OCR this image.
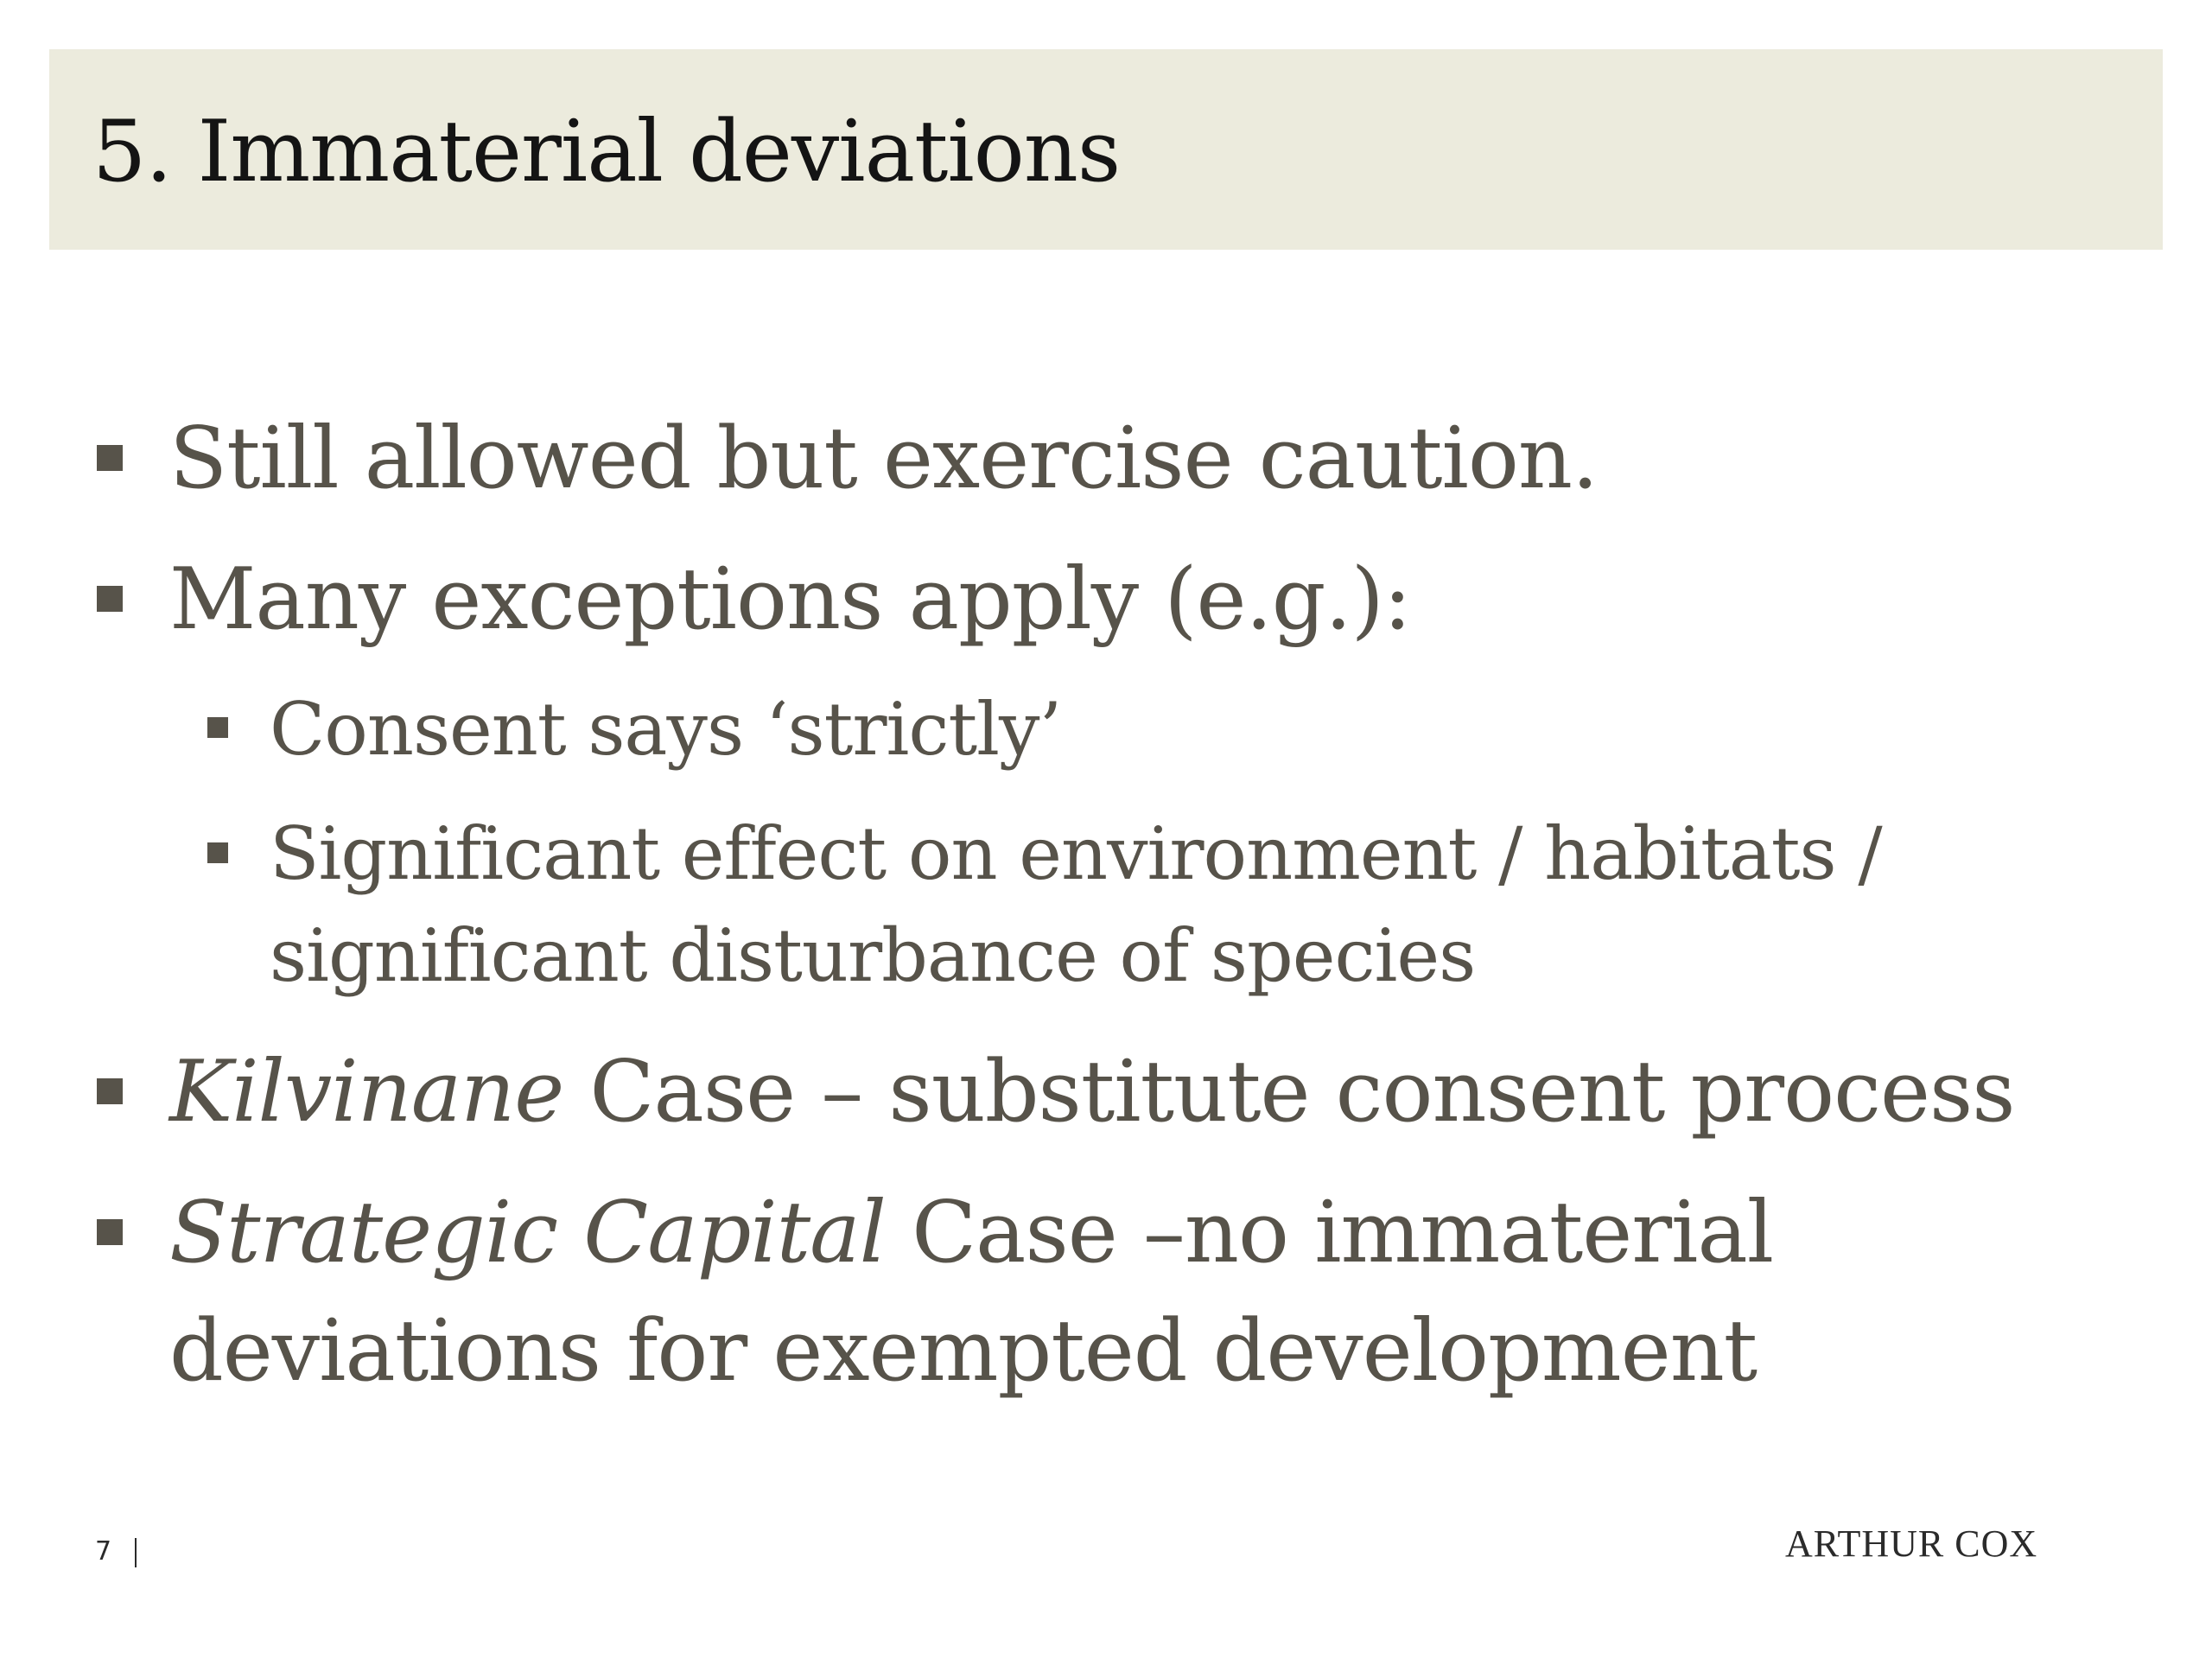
5. Immaterial deviations
Still allowed but exercise caution.
Many exceptions apply (e.g.):
Consent says ‘strictly’
Significant effect on environment / habitats /
significant disturbance of species
Kilvinane Case – substitute consent process
Strategic Capital Case –no immaterial
deviations for exempted development
7	ARTHUR COX
